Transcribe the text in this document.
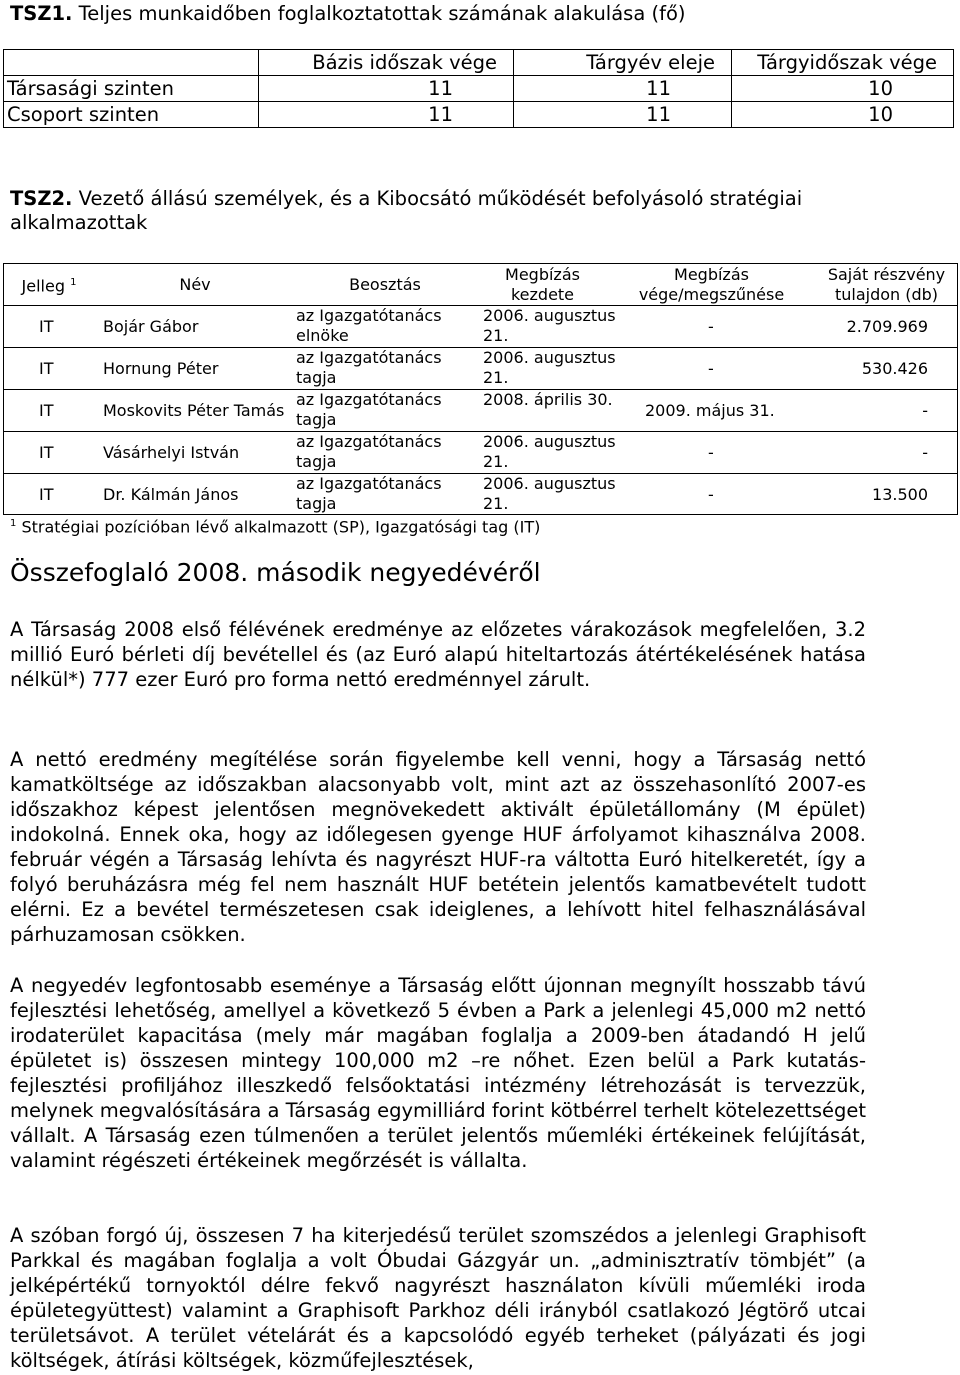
TSZ1. Teljes munkaidőben foglalkoztatottak számának alakulása (fő)
	Bázis időszak vége	Tárgyév eleje	Tárgyidőszak vége
Társasági szinten	11	11	10
Csoport szinten	11	11	10
TSZ2. Vezető állású személyek, és a Kibocsátó működését befolyásoló stratégiai
alkalmazottak
Jelleg $^1$	Név	Beosztás	Megbízás kezdete	Megbízás vége/megszűnése	Saját részvény tulajdon (db)
IT	Bojár Gábor	az Igazgatótanács elnöke	2006. augusztus 21.	-	2.709.969
IT	Hornung Péter	az Igazgatótanács tagja	2006. augusztus 21.	-	530.426
IT	Moskovits Péter Tamás	az Igazgatótanács tagja	2008. április 30.	2009. május 31.	-
IT	Vásárhelyi István	az Igazgatótanács tagja	2006. augusztus 21.	-	-
IT	Dr. Kálmán János	az Igazgatótanács tagja	2006. augusztus 21.	-	13.500
$^1$ Stratégiai pozícióban lévő alkalmazott (SP), Igazgatósági tag (IT)
Összefoglaló 2008. második negyedévéről

A Társaság 2008 első félévének eredménye az előzetes várakozások megfelelően, 3.2 millió Euró bérleti díj bevétellel és (az Euró alapú hiteltartozás átértékelésének hatása nélkül*) 777 ezer Euró pro forma nettó eredménnyel zárult.

A nettó eredmény megítélése során figyelembe kell venni, hogy a Társaság nettó kamatköltsége az időszakban alacsonyabb volt, mint azt az összehasonlító 2007-es időszakhoz képest jelentősen megnövekedett aktivált épületállomány (M épület) indokolná. Ennek oka, hogy az időlegesen gyenge HUF árfolyamot kihasználva 2008. február végén a Társaság lehívta és nagyrészt HUF-ra váltotta Euró hitelkeretét, így a folyó beruházásra még fel nem használt HUF betétein jelentős kamatbevételt tudott elérni. Ez a bevétel természetesen csak ideiglenes, a lehívott hitel felhasználásával párhuzamosan csökken.

A negyedév legfontosabb eseménye a Társaság előtt újonnan megnyílt hosszabb távú fejlesztési lehetőség, amellyel a következő 5 évben a Park a jelenlegi 45,000 m2 nettó irodaterület kapacitása (mely már magában foglalja a 2009-ben átadandó H jelű épületet is) összesen mintegy 100,000 m2 –re nőhet. Ezen belül a Park kutatás-fejlesztési profiljához illeszkedő felsőoktatási intézmény létrehozását is tervezzük, melynek megvalósítására a Társaság egymilliárd forint kötbérrel terhelt kötelezettséget vállalt. A Társaság ezen túlmenően a terület jelentős műemléki értékeinek felújítását, valamint régészeti értékeinek megőrzését is vállalta.

A szóban forgó új, összesen 7 ha kiterjedésű terület szomszédos a jelenlegi Graphisoft Parkkal és magában foglalja a volt Óbudai Gázgyár un. „adminisztratív tömbjét” (a jelképértékű tornyoktól délre fekvő nagyrészt használaton kívüli műemléki iroda épületegyüttest) valamint a Graphisoft Parkhoz déli irányból csatlakozó Jégtörő utcai területsávot. A terület vételárát és a kapcsolódó egyéb terheket (pályázati és jogi költségek, átírási költségek, közműfejlesztések,
